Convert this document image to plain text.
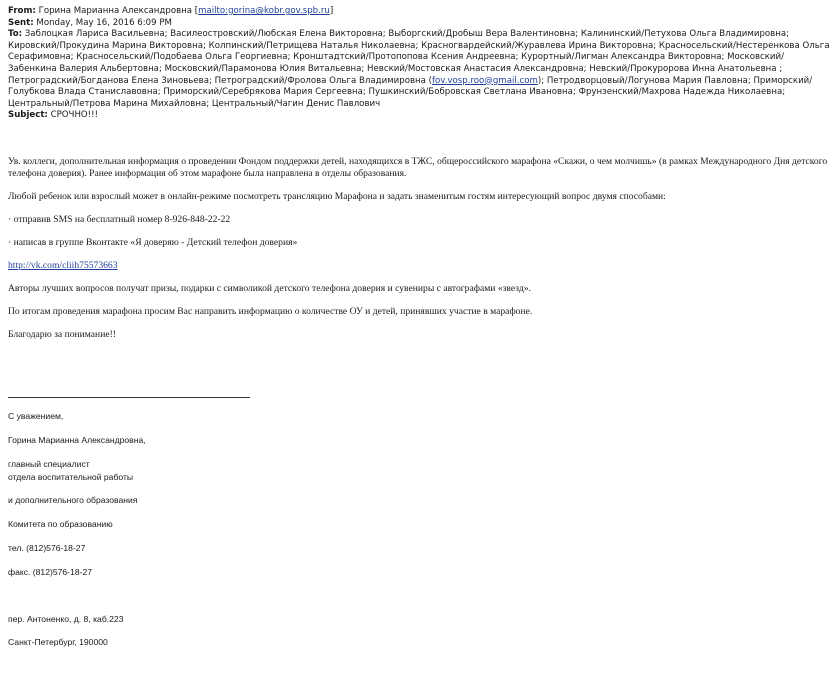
From: Горина Марианна Александровна [mailto:gorina@kobr.gov.spb.ru]
Sent: Monday, May 16, 2016 6:09 PM
To: Заблоцкая Лариса Васильевна; Василеостровский/Любская Елена Викторовна; Выборгский/Дробыш Вера Валентиновна; Калининский/Петухова Ольга Владимировна; Кировский/Прокудина Марина Викторовна; Колпинский/Петрищева Наталья Николаевна; Красногвардейский/Журавлева Ирина Викторовна; Красносельский/Нестеренкова Ольга Серафимовна; Красносельский/Подобаева Ольга Георгиевна; Кронштадтский/Протопопова Ксения Андреевна; Курортный/Лигман Александра Викторовна; Московский/Забенкина Валерия Альбертовна; Московский/Парамонова Юлия Витальевна; Невский/Мостовская Анастасия Александровна; Невский/Прокуророва Инна Анатольевна ; Петроградский/Богданова Елена Зиновьева; Петроградский/Фролова Ольга Владимировна (fov.vosp.roo@gmail.com); Петродворцовый/Логунова Мария Павловна; Приморский/Голубкова Влада Станиславовна; Приморский/Серебрякова Мария Сергеевна; Пушкинский/Бобровская Светлана Ивановна; Фрунзенский/Махрова Надежда Николаевна; Центральный/Петрова Марина Михайловна; Центральный/Чагин Денис Павлович
Subject: СРОЧНО!!!

Ув. коллеги, дополнительная информация о проведении Фондом поддержки детей, находящихся в ТЖС, общероссийского марафона «Скажи, о чем молчишь» (в рамках Международного Дня детского телефона доверия). Ранее информация об этом марафоне была направлена в отделы образования.

Любой ребенок или взрослый может в онлайн-режиме посмотреть трансляцию Марафона и задать знаменитым гостям интересующий вопрос двумя способами:

· отправив SMS на бесплатный номер 8-926-848-22-22

· написав в группе Вконтакте «Я доверяю - Детский телефон доверия»

http://vk.com/cliih75573663

Авторы лучших вопросов получат призы, подарки с символикой детского телефона доверия и сувениры с автографами «звезд».

По итогам проведения марафона просим Вас направить информацию о количестве ОУ и детей, принявших участие в марафоне.

Благодарю за понимание!!

С уважением,
Горина Марианна Александровна,
главный специалист
отдела воспитательной работы
и дополнительного образования
Комитета по образованию
тел. (812)576-18-27
факс. (812)576-18-27
пер. Антоненко, д. 8, каб.223
Санкт-Петербург, 190000
